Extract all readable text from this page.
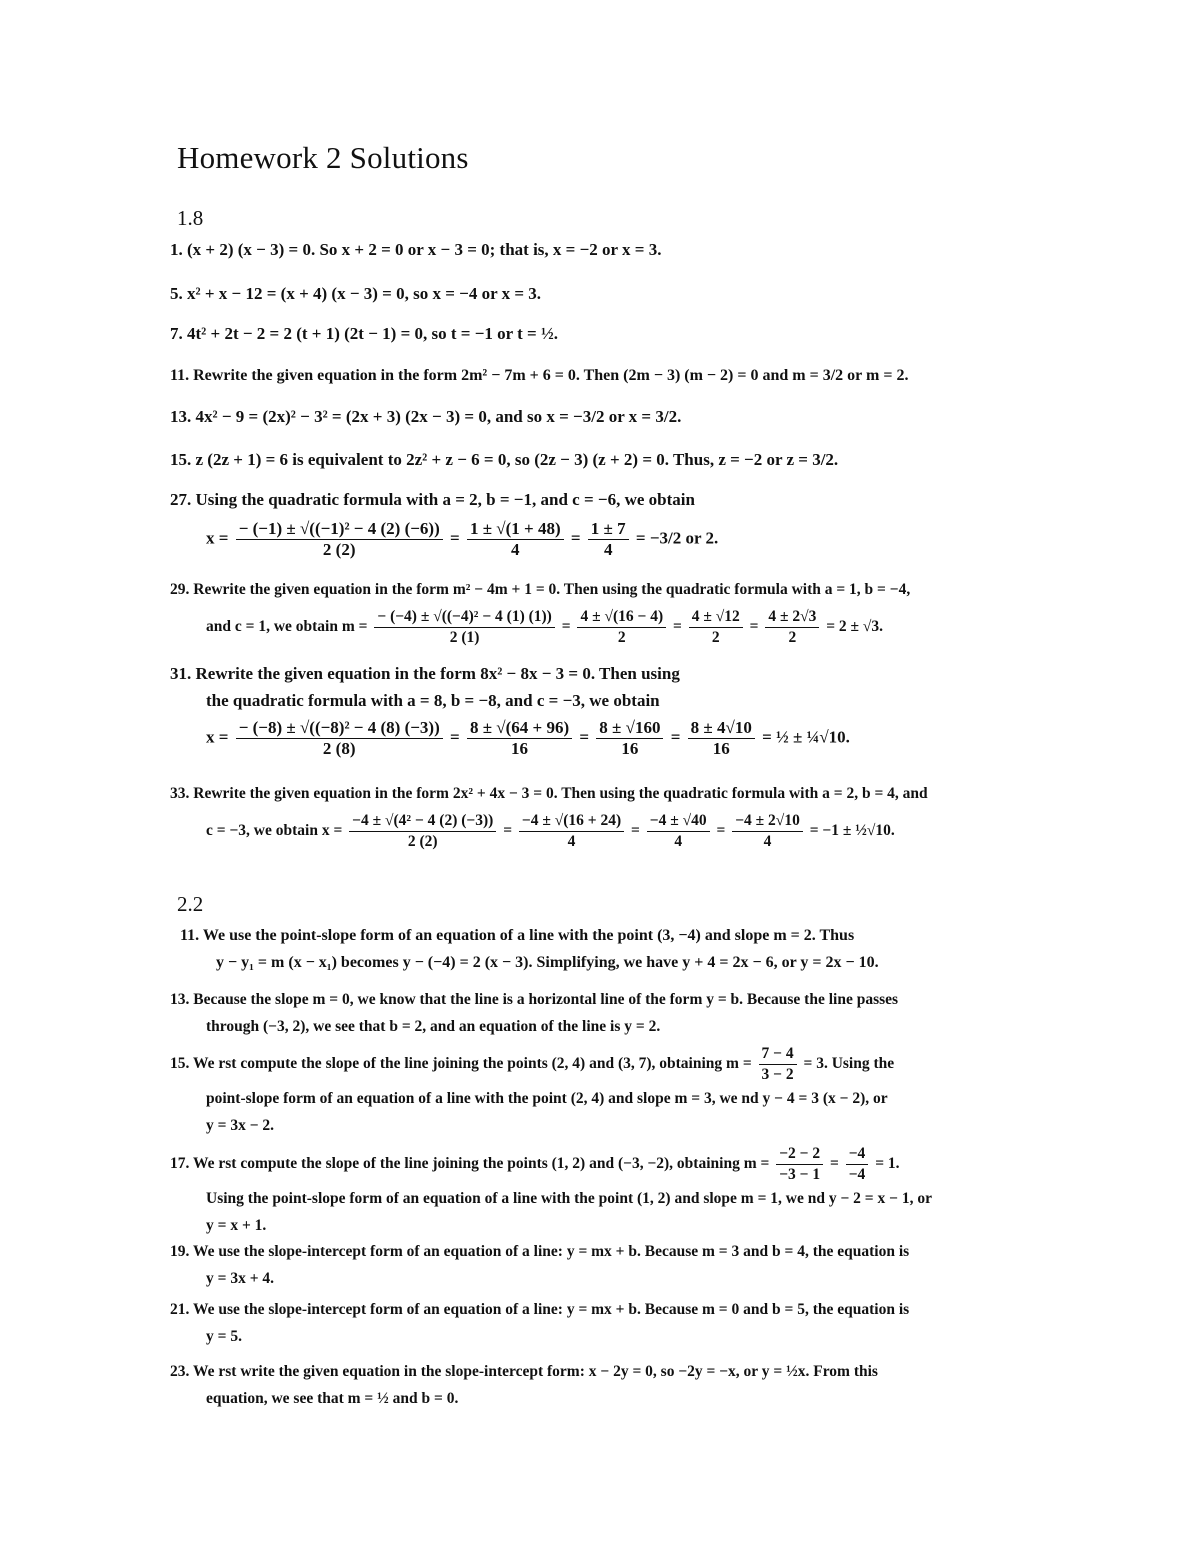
Homework 2 Solutions
1.8
1. (x + 2) (x − 3) = 0. So x + 2 = 0 or x − 3 = 0; that is, x = −2 or x = 3.
5. x² + x − 12 = (x + 4) (x − 3) = 0, so x = −4 or x = 3.
7. 4t² + 2t − 2 = 2 (t + 1) (2t − 1) = 0, so t = −1 or t = ½.
11. Rewrite the given equation in the form 2m² − 7m + 6 = 0. Then (2m − 3) (m − 2) = 0 and m = 3/2 or m = 2.
13. 4x² − 9 = (2x)² − 3² = (2x + 3) (2x − 3) = 0, and so x = −3/2 or x = 3/2.
15. z (2z + 1) = 6 is equivalent to 2z² + z − 6 = 0, so (2z − 3) (z + 2) = 0. Thus, z = −2 or z = 3/2.
27. Using the quadratic formula with a = 2, b = −1, and c = −6, we obtain
$x = \frac{\text{− (−1) ± √((−1)² − 4 (2) (−6))}}{2 (2)} = \frac{1 \pm √(1 + 48)}{4} = \frac{1 \pm 7}{4} = -3/2$ or 2.
29. Rewrite the given equation in the form m² − 4m + 1 = 0. Then using the quadratic formula with a = 1, b = −4,
and c = 1, we obtain $m = \frac{\text{− (−4) ± √((−4)² − 4 (1) (1))}}{2 (1)} = \frac{4 \pm √(16 - 4)}{2} = \frac{4 \pm √12}{2} = \frac{4 \pm 2√3}{2} = 2 \pm √3$.
31. Rewrite the given equation in the form 8x² − 8x − 3 = 0. Then using
the quadratic formula with a = 8, b = −8, and c = −3, we obtain
$x = \frac{\text{− (−8) ± √((−8)² − 4 (8) (−3))}}{2 (8)} = \frac{8 \pm √(64 + 96)}{16} = \frac{8 \pm √160}{16} = \frac{8 \pm 4√10}{16}$ = ½ ± ¼√10.
33. Rewrite the given equation in the form 2x² + 4x − 3 = 0. Then using the quadratic formula with a = 2, b = 4, and
c = −3, we obtain $x = \frac{\text{−4 ± √(4² − 4 (2) (−3))}}{2 (2)} = \frac{-4 \pm √(16 + 24)}{4} = \frac{-4 \pm √40}{4} = \frac{-4 \pm 2√10}{4} = -1$ ± ½√10.
2.2
11. We use the point-slope form of an equation of a line with the point (3, −4) and slope m = 2. Thus
y − y₁ = m (x − x₁) becomes y − (−4) = 2 (x − 3). Simplifying, we have y + 4 = 2x − 6, or y = 2x − 10.
13. Because the slope m = 0, we know that the line is a horizontal line of the form y = b. Because the line passes
through (−3, 2), we see that b = 2, and an equation of the line is y = 2.
15. We rst compute the slope of the line joining the points (2, 4) and (3, 7), obtaining $m = \frac{7 - 4}{3 - 2} = 3$. Using the
point-slope form of an equation of a line with the point (2, 4) and slope m = 3, we nd y − 4 = 3 (x − 2), or
y = 3x − 2.
17. We rst compute the slope of the line joining the points (1, 2) and (−3, −2), obtaining $m = \frac{-2 - 2}{-3 - 1} = \frac{-4}{-4} = 1$.
Using the point-slope form of an equation of a line with the point (1, 2) and slope m = 1, we nd y − 2 = x − 1, or
y = x + 1.
19. We use the slope-intercept form of an equation of a line: y = mx + b. Because m = 3 and b = 4, the equation is
y = 3x + 4.
21. We use the slope-intercept form of an equation of a line: y = mx + b. Because m = 0 and b = 5, the equation is
y = 5.
23. We rst write the given equation in the slope-intercept form: x − 2y = 0, so −2y = −x, or y = ½x. From this
equation, we see that m = ½ and b = 0.
